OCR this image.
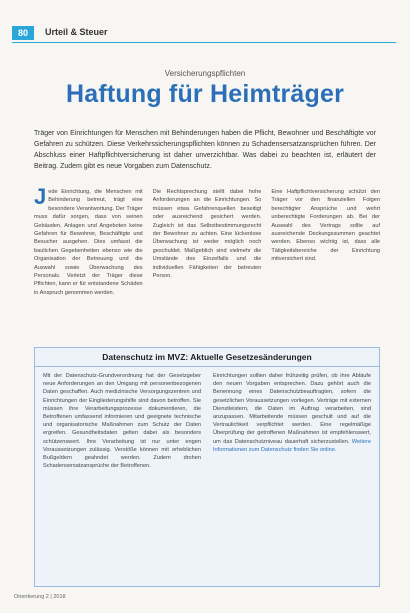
80	Urteil & Steuer
Versicherungspflichten
Haftung für Heimträger
Träger von Einrichtungen für Menschen mit Behinderungen haben die Pflicht, Bewohner und Beschäftigte vor Gefahren zu schützen. Diese Verkehrssicherungspflichten können zu Schadensersatzansprüchen führen. Der Abschluss einer Haftpflichtversicherung ist daher unverzichtbar. Was dabei zu beachten ist, erläutert der Beitrag. Zudem gibt es neue Vorgaben zum Datenschutz.
J ede Einrichtung, die Menschen mit Behinderung betreut, trägt eine besondere Verantwortung. Der Träger muss dafür sorgen, dass von seinen Gebäuden, Anlagen und Angeboten keine Gefahren für Bewohner, Beschäftigte und Besucher ausgehen. Dies umfasst die baulichen Gegebenheiten ebenso wie die Organisation der Betreuung und die Auswahl sowie Überwachung des Personals. Verletzt der Träger diese Pflichten, kann er für entstandene Schäden in Anspruch genommen werden.
Die Rechtsprechung stellt dabei hohe Anforderungen an die Einrichtungen. So müssen etwa Gefahrenquellen beseitigt oder ausreichend gesichert werden. Zugleich ist das Selbstbestimmungsrecht der Bewohner zu achten. Eine lückenlose Überwachung ist weder möglich noch geschuldet. Maßgeblich sind vielmehr die Umstände des Einzelfalls und die individuellen Fähigkeiten der betreuten Person.
Eine Haftpflichtversicherung schützt den Träger vor den finanziellen Folgen berechtigter Ansprüche und wehrt unberechtigte Forderungen ab. Bei der Auswahl des Vertrags sollte auf ausreichende Deckungssummen geachtet werden. Ebenso wichtig ist, dass alle Tätigkeitsbereiche der Einrichtung mitversichert sind.
Datenschutz im MVZ: Aktuelle Gesetzesänderungen
Mit der Datenschutz-Grundverordnung hat der Gesetzgeber neue Anforderungen an den Umgang mit personenbezogenen Daten geschaffen. Auch medizinische Versorgungszentren und Einrichtungen der Eingliederungshilfe sind davon betroffen. Sie müssen ihre Verarbeitungsprozesse dokumentieren, die Betroffenen umfassend informieren und geeignete technische und organisatorische Maßnahmen zum Schutz der Daten ergreifen. Gesundheitsdaten gelten dabei als besonders schützenswert. Ihre Verarbeitung ist nur unter engen Voraussetzungen zulässig. Verstöße können mit erheblichen Bußgeldern geahndet werden. Zudem drohen Schadensersatzansprüche der Betroffenen.
Einrichtungen sollten daher frühzeitig prüfen, ob ihre Abläufe den neuen Vorgaben entsprechen. Dazu gehört auch die Benennung eines Datenschutzbeauftragten, sofern die gesetzlichen Voraussetzungen vorliegen. Verträge mit externen Dienstleistern, die Daten im Auftrag verarbeiten, sind anzupassen. Mitarbeitende müssen geschult und auf die Vertraulichkeit verpflichtet werden. Eine regelmäßige Überprüfung der getroffenen Maßnahmen ist empfehlenswert, um das Datenschutzniveau dauerhaft sicherzustellen. Weitere Informationen zum Datenschutz finden Sie online.
Orientierung 2 | 2018
